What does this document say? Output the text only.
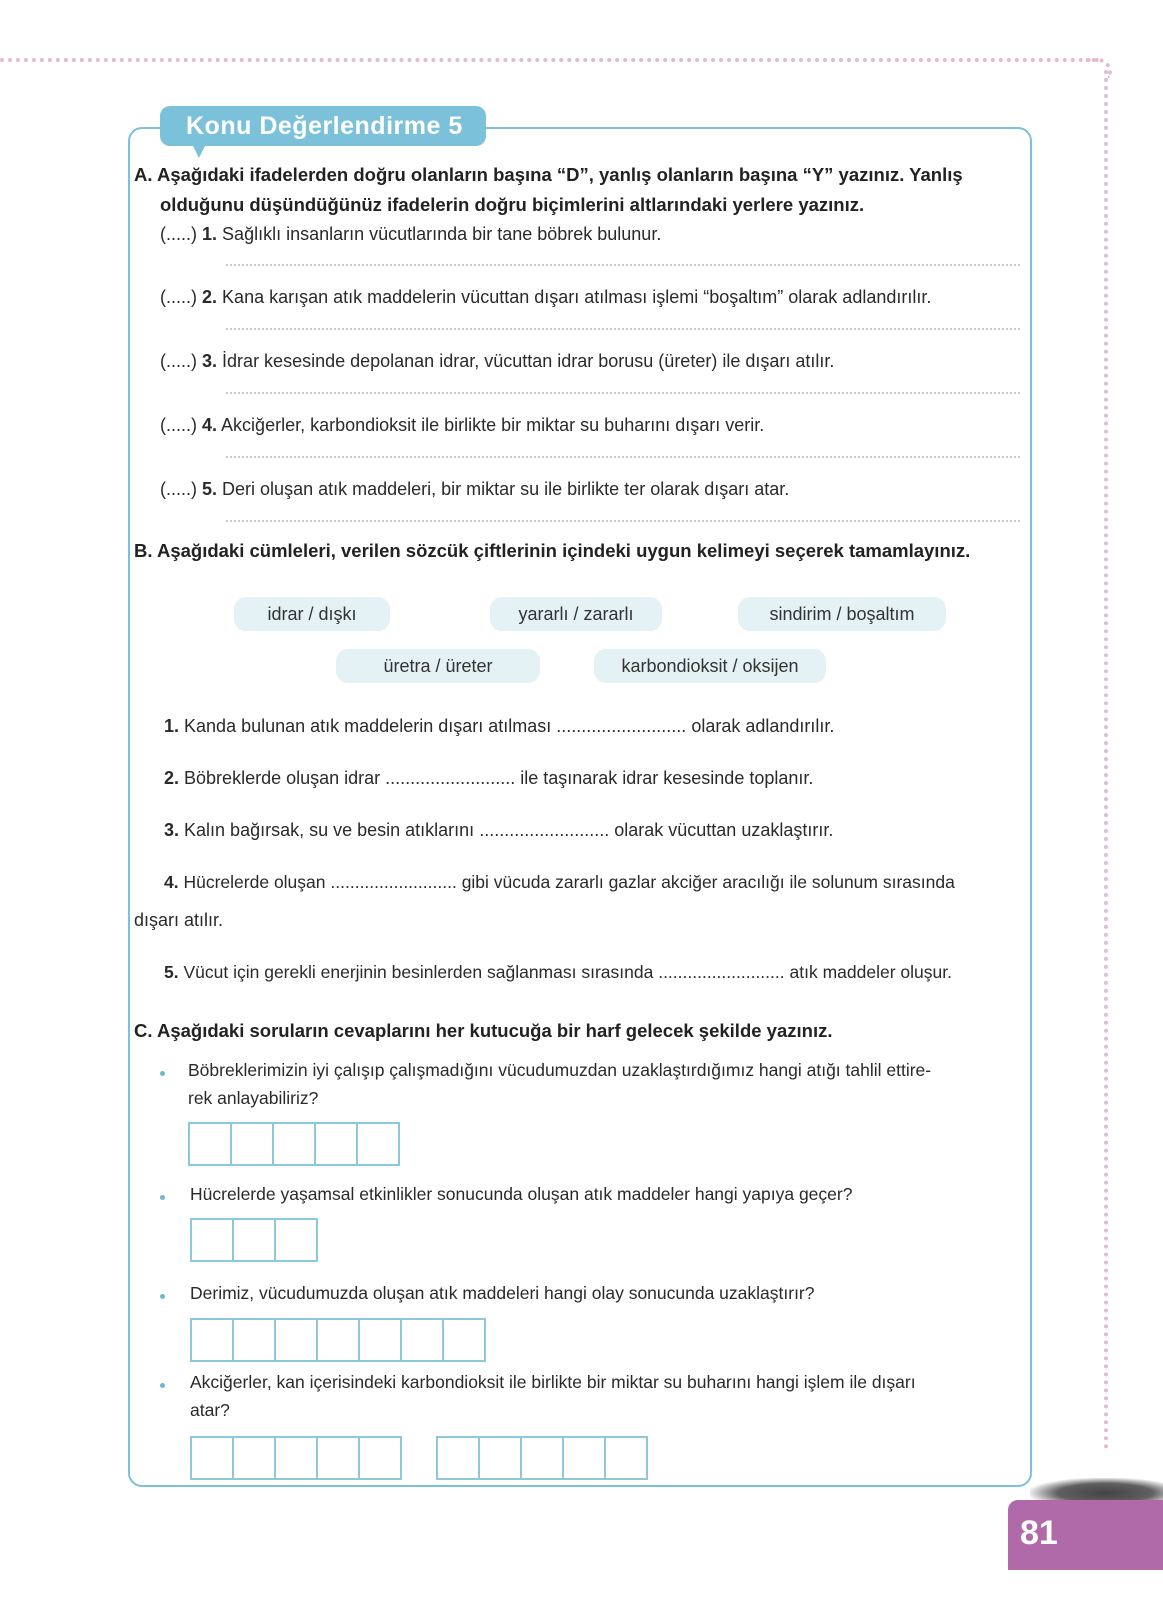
Konu Değerlendirme 5
A. Aşağıdaki ifadelerden doğru olanların başına “D”, yanlış olanların başına “Y” yazınız. Yanlış
olduğunu düşündüğünüz ifadelerin doğru biçimlerini altlarındaki yerlere yazınız.
(.....) 1. Sağlıklı insanların vücutlarında bir tane böbrek bulunur.
(.....) 2. Kana karışan atık maddelerin vücuttan dışarı atılması işlemi “boşaltım” olarak adlandırılır.
(.....) 3. İdrar kesesinde depolanan idrar, vücuttan idrar borusu (üreter) ile dışarı atılır.
(.....) 4. Akciğerler, karbondioksit ile birlikte bir miktar su buharını dışarı verir.
(.....) 5. Deri oluşan atık maddeleri, bir miktar su ile birlikte ter olarak dışarı atar.
B. Aşağıdaki cümleleri, verilen sözcük çiftlerinin içindeki uygun kelimeyi seçerek tamamlayınız.
idrar / dışkı	yararlı / zararlı	sindirim / boşaltım
üretra / üreter	karbondioksit / oksijen
1. Kanda bulunan atık maddelerin dışarı atılması .......................... olarak adlandırılır.
2. Böbreklerde oluşan idrar .......................... ile taşınarak idrar kesesinde toplanır.
3. Kalın bağırsak, su ve besin atıklarını .......................... olarak vücuttan uzaklaştırır.
4. Hücrelerde oluşan .......................... gibi vücuda zararlı gazlar akciğer aracılığı ile solunum sırasında
dışarı atılır.
5. Vücut için gerekli enerjinin besinlerden sağlanması sırasında .......................... atık maddeler oluşur.
C. Aşağıdaki soruların cevaplarını her kutucuğa bir harf gelecek şekilde yazınız.
Böbreklerimizin iyi çalışıp çalışmadığını vücudumuzdan uzaklaştırdığımız hangi atığı tahlil ettire-
rek anlayabiliriz?
Hücrelerde yaşamsal etkinlikler sonucunda oluşan atık maddeler hangi yapıya geçer?
Derimiz, vücudumuzda oluşan atık maddeleri hangi olay sonucunda uzaklaştırır?
Akciğerler, kan içerisindeki karbondioksit ile birlikte bir miktar su buharını hangi işlem ile dışarı
atar?
81
